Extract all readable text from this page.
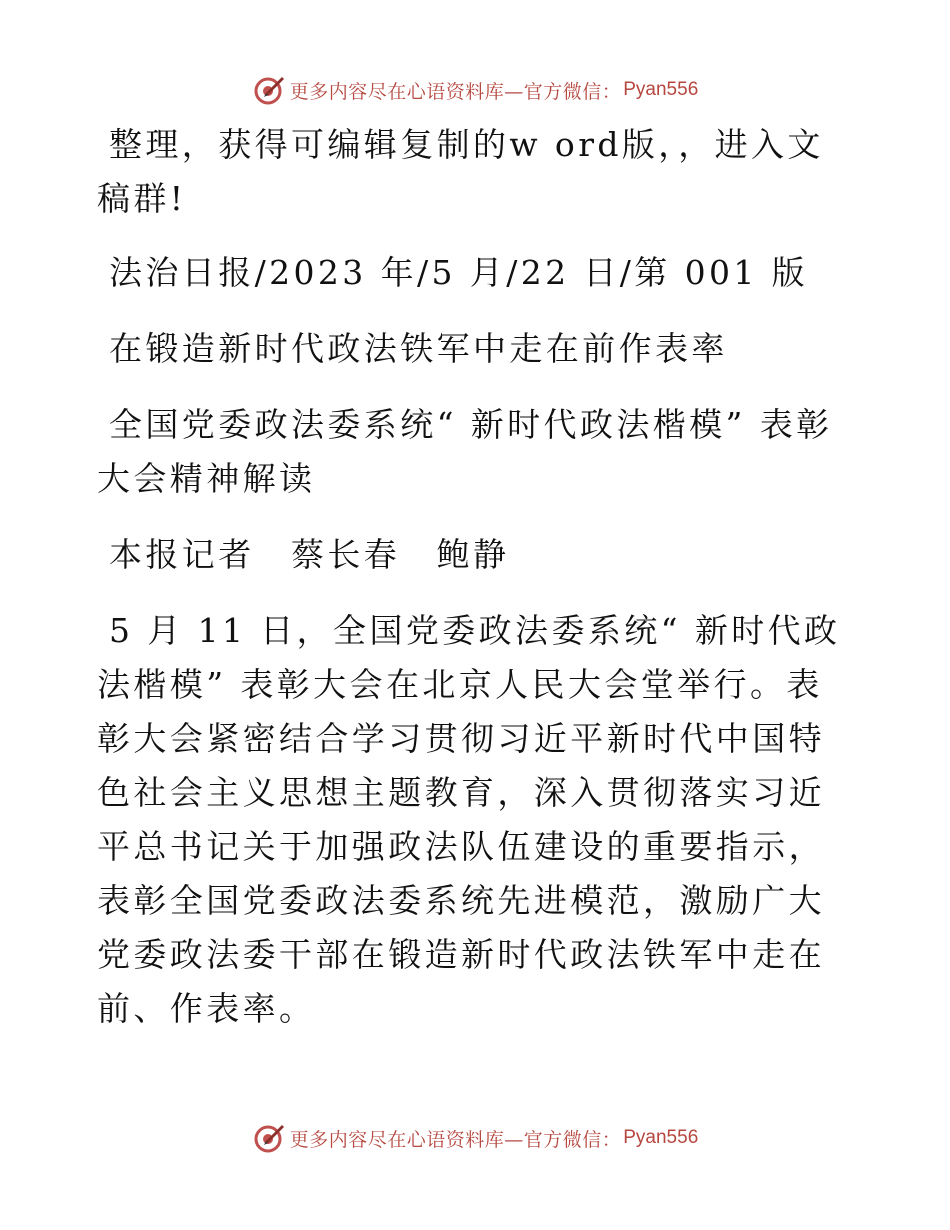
更多内容尽在心语资料库—官方微信： Pyan556

整理，获得可编辑复制的w ord版，，进入文稿群!

法治日报/2023 年/5 月/22 日/第 001 版

在锻造新时代政法铁军中走在前作表率

全国党委政法委系统“ 新时代政法楷模” 表彰大会精神解读

本报记者　蔡长春　鲍静

5 月 11 日，全国党委政法委系统“ 新时代政法楷模” 表彰大会在北京人民大会堂举行。表彰大会紧密结合学习贯彻习近平新时代中国特色社会主义思想主题教育，深入贯彻落实习近平总书记关于加强政法队伍建设的重要指示，表彰全国党委政法委系统先进模范，激励广大党委政法委干部在锻造新时代政法铁军中走在前、作表率。

更多内容尽在心语资料库—官方微信： Pyan556
